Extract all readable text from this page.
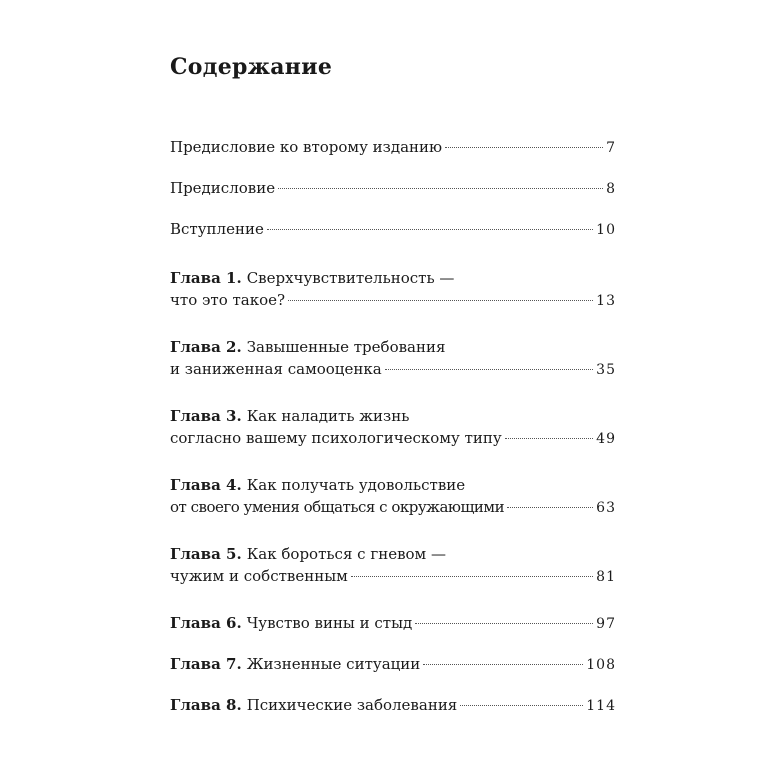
Содержание
Предисловие ко второму изданию	7
Предисловие	8
Вступление	10
Глава 1. Сверхчувствительность —
что это такое?	13
Глава 2. Завышенные требования
и заниженная самооценка	35
Глава 3. Как наладить жизнь
согласно вашему психологическому типу	49
Глава 4. Как получать удовольствие
от своего умения общаться с окружающими	63
Глава 5. Как бороться с гневом —
чужим и собственным	81
Глава 6. Чувство вины и стыд	97
Глава 7. Жизненные ситуации	108
Глава 8. Психические заболевания	114
